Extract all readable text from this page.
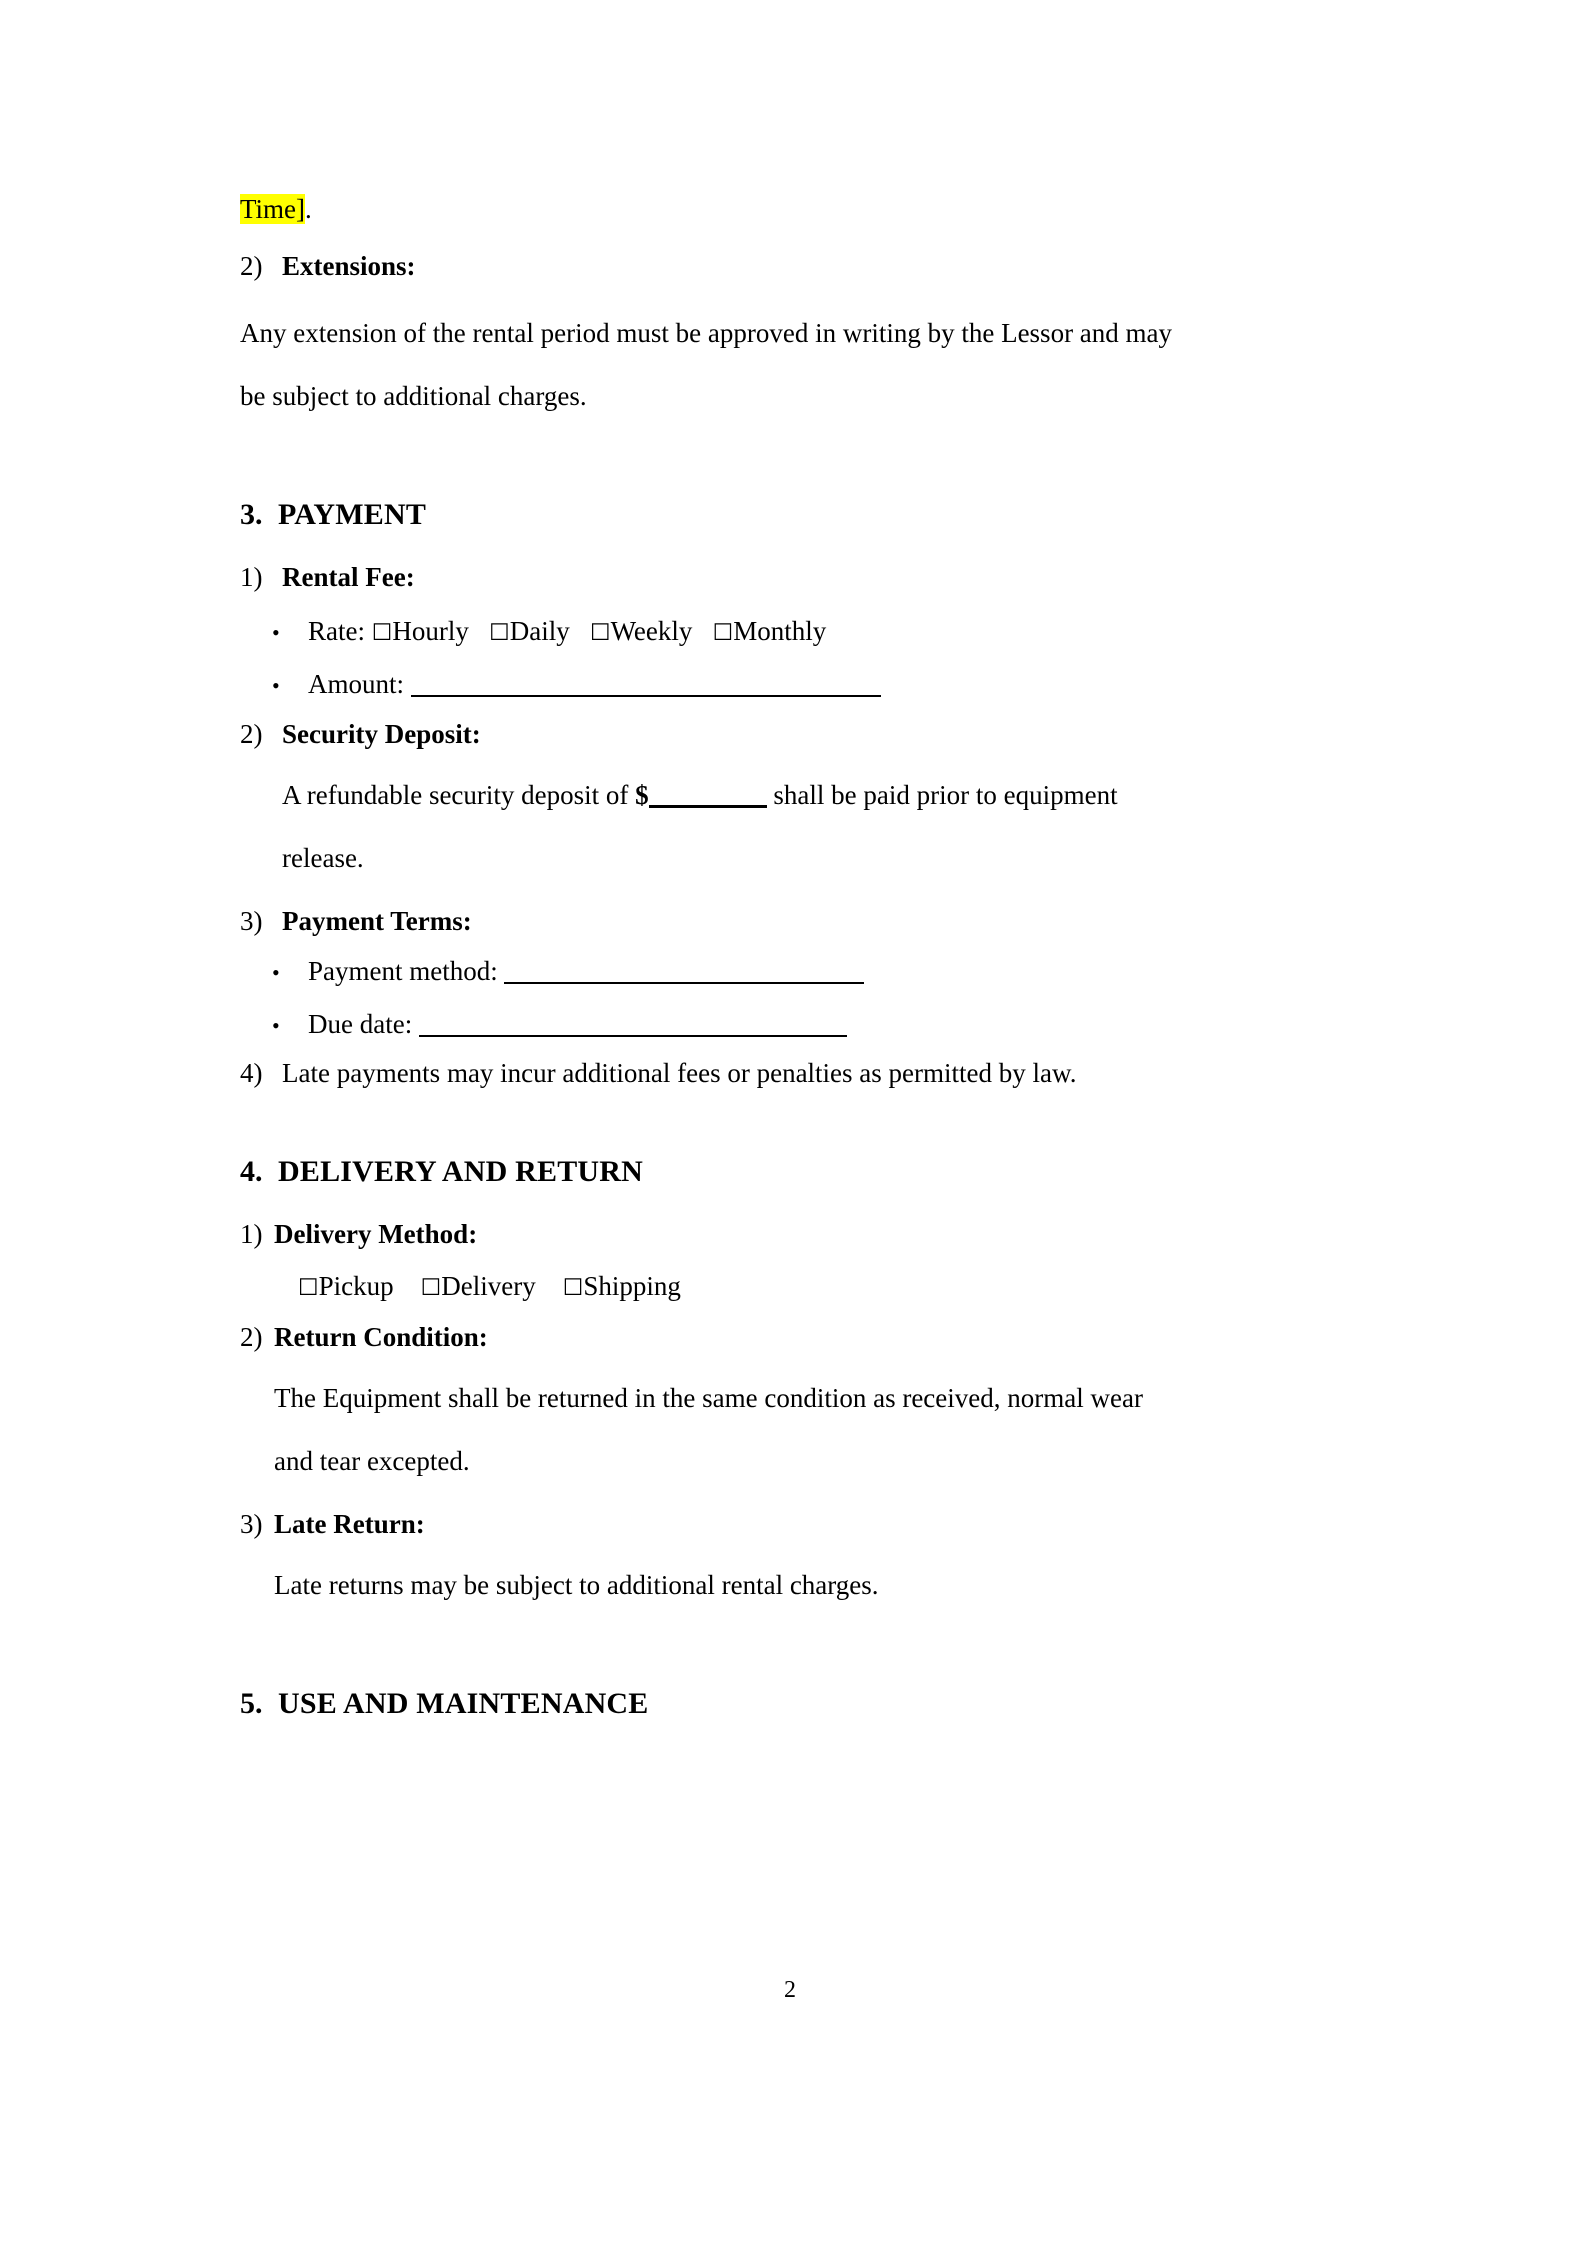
Time].
2) Extensions:
Any extension of the rental period must be approved in writing by the Lessor and may
be subject to additional charges.
3. PAYMENT
1) Rental Fee:
•	Rate: ☐Hourly ☐Daily ☐Weekly ☐Monthly
•	Amount:
2) Security Deposit:
A refundable security deposit of $	shall be paid prior to equipment
release.
3) Payment Terms:
•	Payment method:
•	Due date:
4) Late payments may incur additional fees or penalties as permitted by law.
4. DELIVERY AND RETURN
1) Delivery Method:
☐Pickup ☐Delivery ☐Shipping
2) Return Condition:
The Equipment shall be returned in the same condition as received, normal wear
and tear excepted.
3) Late Return:
Late returns may be subject to additional rental charges.
5. USE AND MAINTENANCE
2
